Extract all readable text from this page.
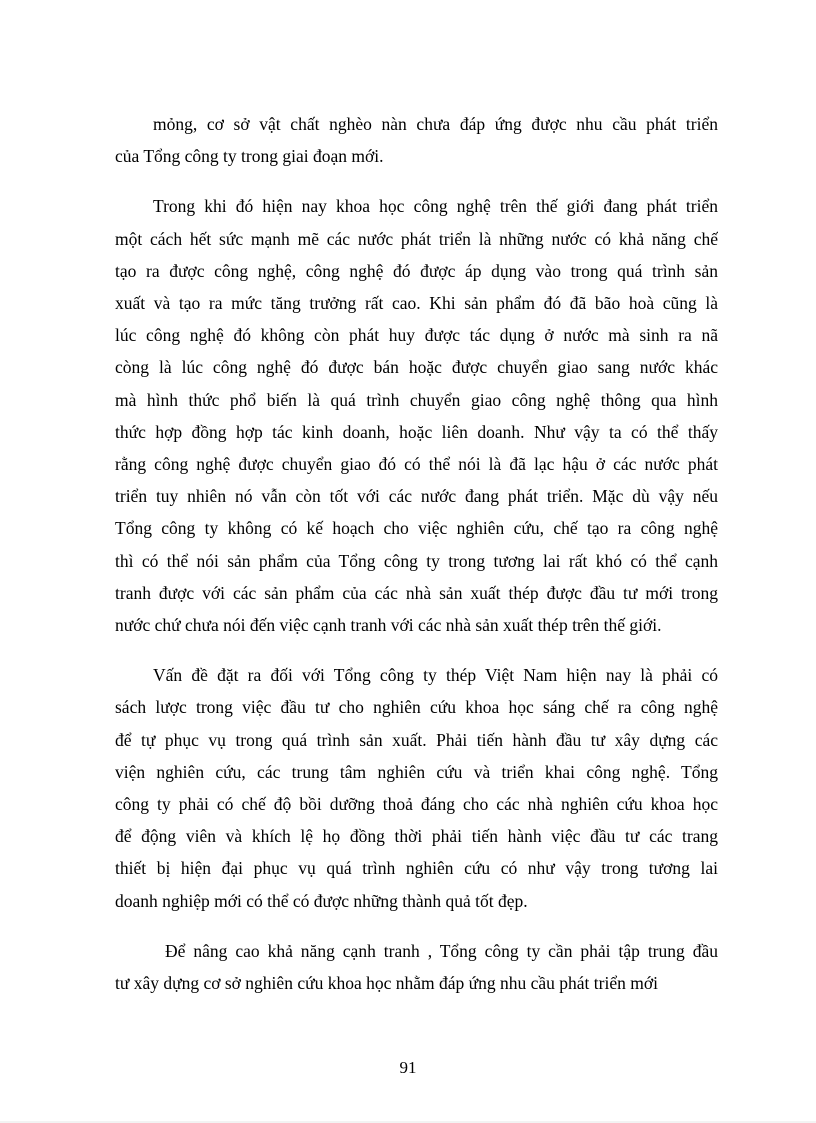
mỏng, cơ sở vật chất nghèo nàn chưa đáp ứng được nhu cầu phát triển
của Tổng công ty trong giai đoạn mới.
Trong khi đó hiện nay khoa học công nghệ trên thế giới đang phát triển
một cách hết sức mạnh mẽ các nước phát triển là những nước có khả năng chế
tạo ra được công nghệ, công nghệ đó được áp dụng vào trong quá trình sản
xuất và tạo ra mức tăng trưởng rất cao. Khi sản phẩm đó đã bão hoà cũng là
lúc công nghệ đó không còn phát huy được tác dụng ở nước mà sinh ra nã
còng là lúc công nghệ đó được bán hoặc được chuyển giao sang nước khác
mà hình thức phổ biến là quá trình chuyển giao công nghệ thông qua hình
thức hợp đồng hợp tác kinh doanh, hoặc liên doanh. Như vậy ta có thể thấy
rằng công nghệ được chuyển giao đó có thể nói là đã lạc hậu ở các nước phát
triển tuy nhiên nó vẫn còn tốt với các nước đang phát triển. Mặc dù vậy nếu
Tổng công ty không có kế hoạch cho việc nghiên cứu, chế tạo ra công nghệ
thì có thể nói sản phẩm của Tổng công ty trong tương lai rất khó có thể cạnh
tranh được với các sản phẩm của các nhà sản xuất thép được đầu tư mới trong
nước chứ chưa nói đến việc cạnh tranh với các nhà sản xuất thép trên thế giới.
Vấn đề đặt ra đối với Tổng công ty thép Việt Nam hiện nay là phải có
sách lược trong việc đầu tư cho nghiên cứu khoa học sáng chế ra công nghệ
để tự phục vụ trong quá trình sản xuất. Phải tiến hành đầu tư xây dựng các
viện nghiên cứu, các trung tâm nghiên cứu và triển khai công nghệ. Tổng
công ty phải có chế độ bồi dưỡng thoả đáng cho các nhà nghiên cứu khoa học
để động viên và khích lệ họ đồng thời phải tiến hành việc đầu tư các trang
thiết bị hiện đại phục vụ quá trình nghiên cứu có như vậy trong tương lai
doanh nghiệp mới có thể có được những thành quả tốt đẹp.
Để nâng cao khả năng cạnh tranh , Tổng công ty cần phải tập trung đầu
tư xây dựng cơ sở nghiên cứu khoa học nhằm đáp ứng nhu cầu phát triển mới
91
